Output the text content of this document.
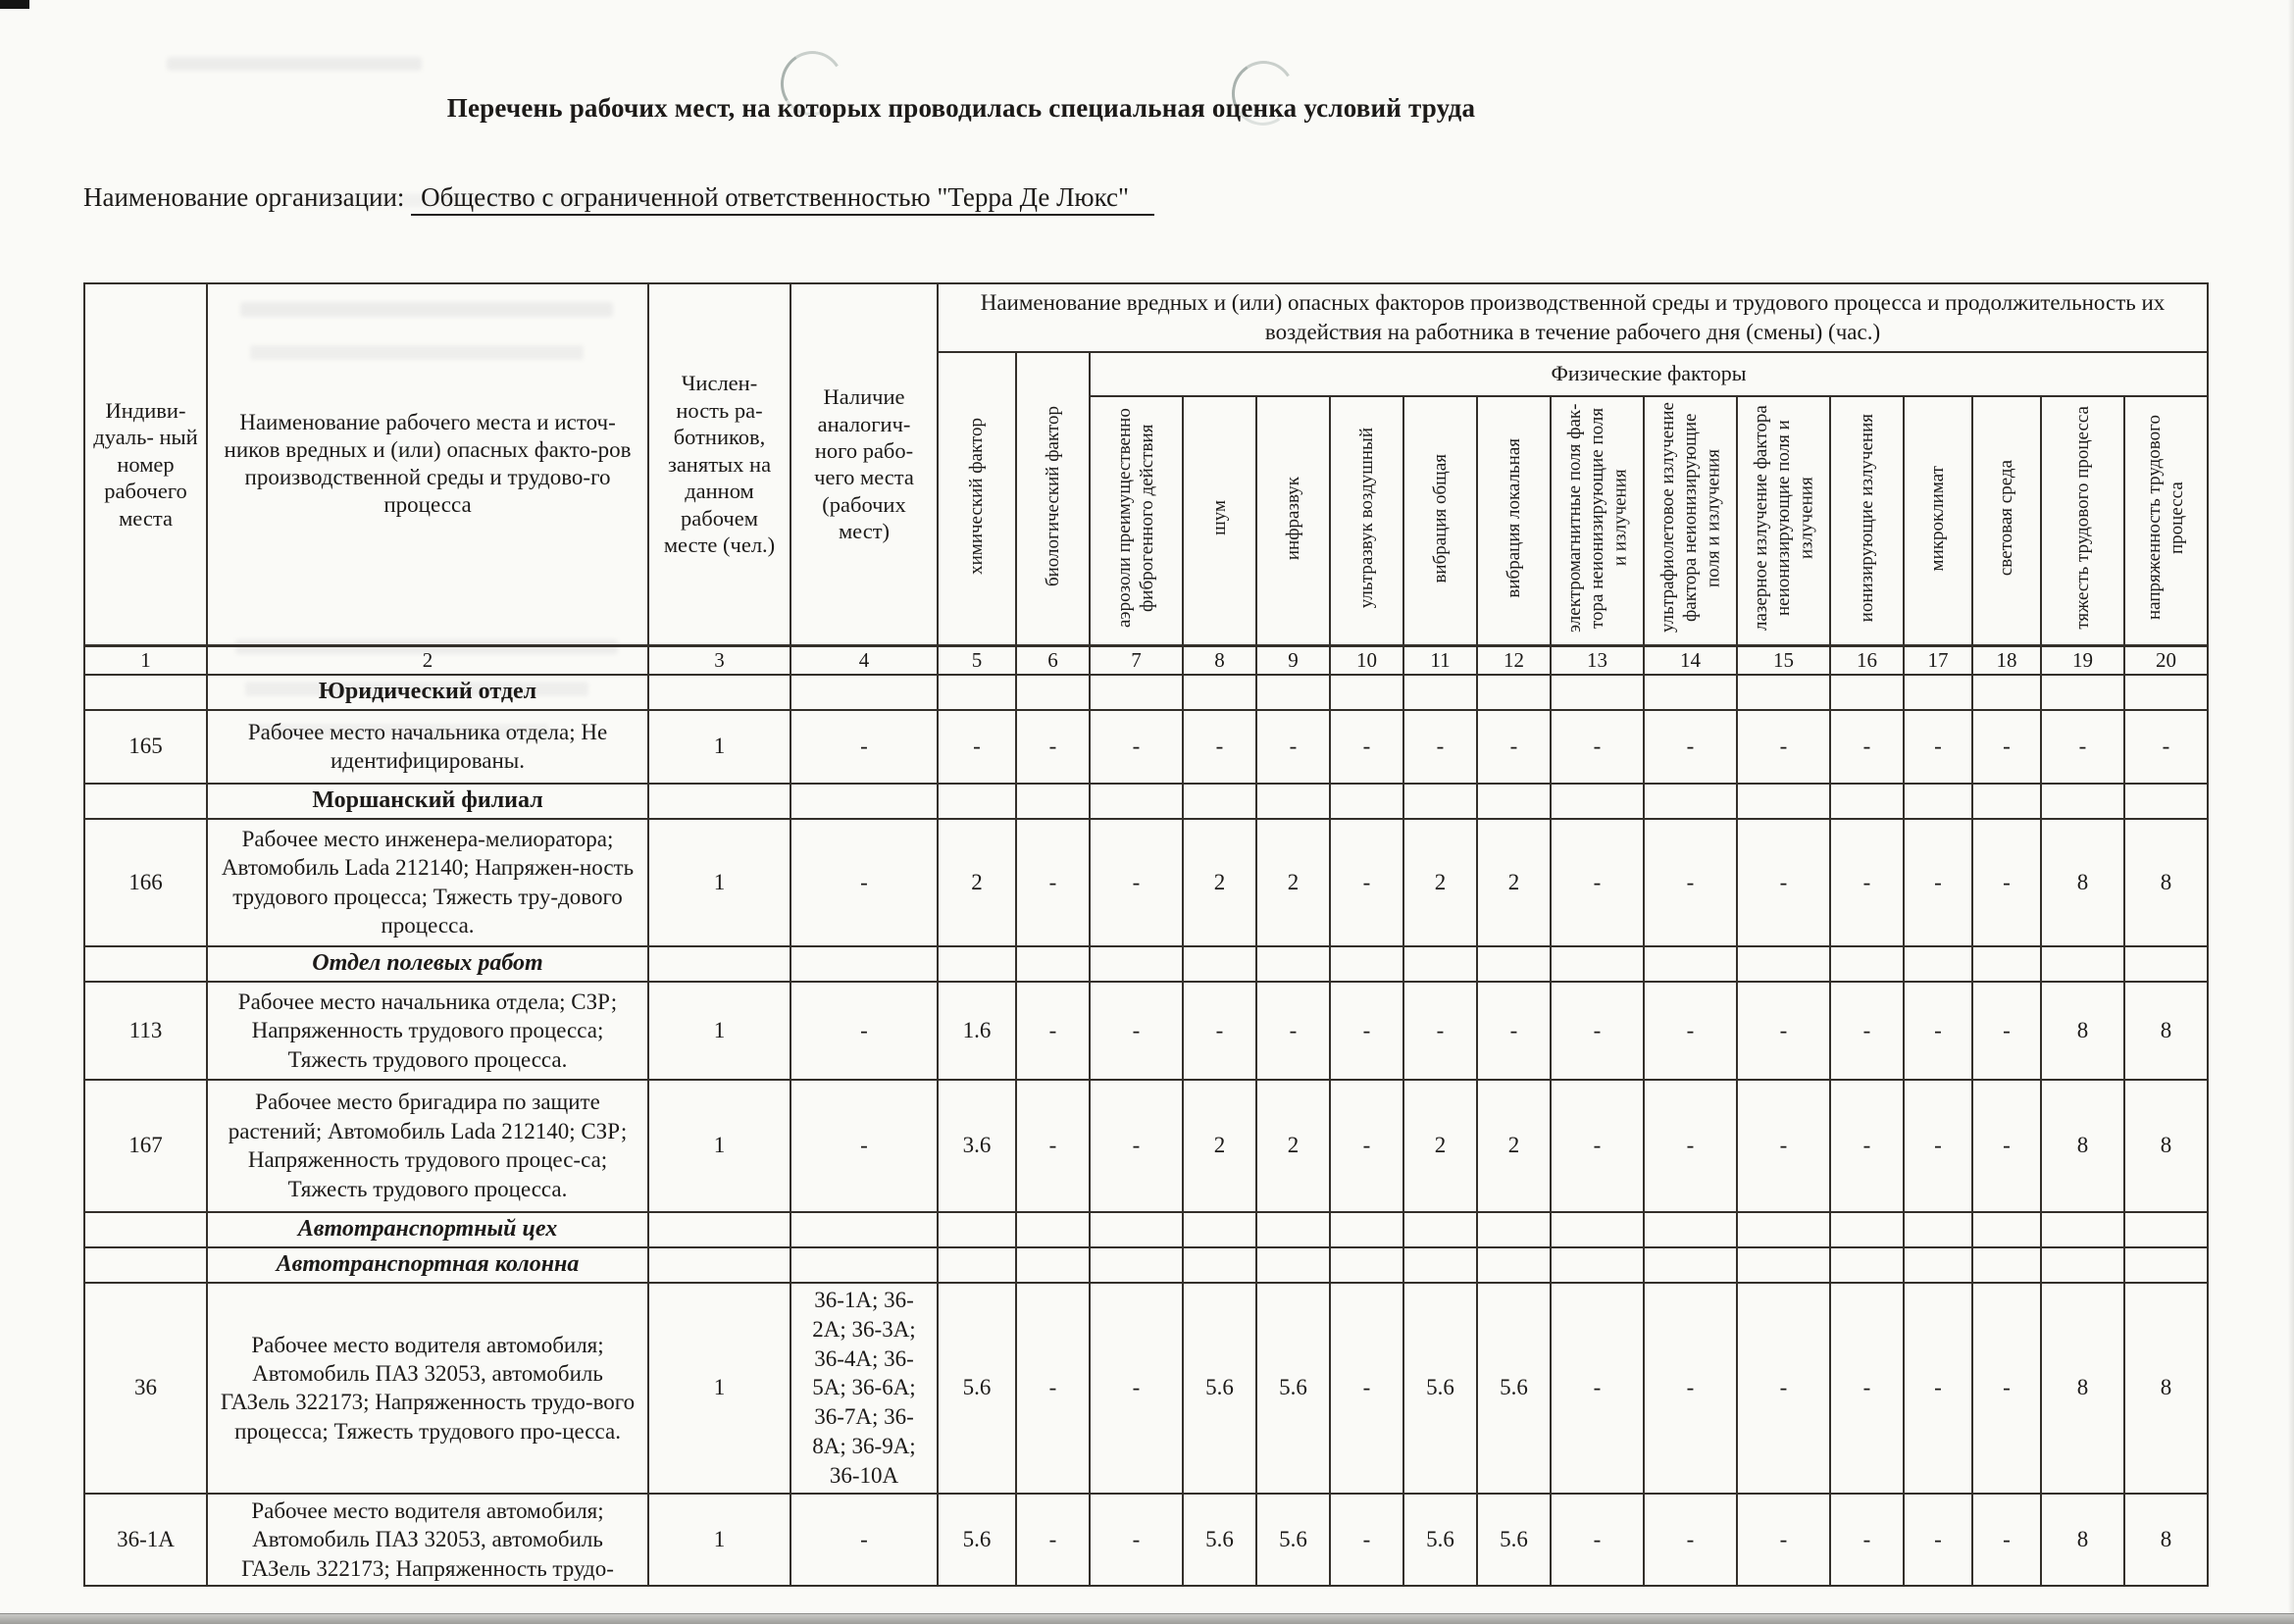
Перечень рабочих мест, на которых проводилась специальная оценка условий труда
Наименование организации: Общество с ограниченной ответственностью "Терра Де Люкс"
Индиви- дуаль- ный номер рабочего места	Наименование рабочего места и источ-ников вредных и (или) опасных факто-ров производственной среды и трудово-го процесса	Числен- ность ра- ботников, занятых на данном рабочем месте (чел.)	Наличие аналогич- ного рабо- чего места (рабочих мест)	Наименование вредных и (или) опасных факторов производственной среды и трудового процесса и продолжительность их воздействия на работника в течение рабочего дня (смены) (час.)															
				химический фактор	биологический фактор	Физические факторы													
						аэрозоли преимущественно фиброгенного действия	шум	инфразвук	ультразвук воздушный	вибрация общая	вибрация локальная	электромагнитные поля фак-тора неионизирующие поля и излучения	ультрафиолетовое излучение фактора неионизирующие поля и излучения	лазерное излучение фактора неионизирующие поля и излучения	ионизирующие излучения	микроклимат	световая среда	тяжесть трудового процесса	напряженность трудового процесса
1	2	3	4	5	6	7	8	9	10	11	12	13	14	15	16	17	18	19	20
	Юридический отдел																		
165	Рабочее место начальника отдела; Не идентифицированы.	1	-	-	-	-	-	-	-	-	-	-	-	-	-	-	-	-	-
	Моршанский филиал																		
166	Рабочее место инженера-мелиоратора; Автомобиль Lada 212140; Напряжен-ность трудового процесса; Тяжесть тру-дового процесса.	1	-	2	-	-	2	2	-	2	2	-	-	-	-	-	-	8	8
	Отдел полевых работ																		
113	Рабочее место начальника отдела; СЗР; Напряженность трудового процесса; Тяжесть трудового процесса.	1	-	1.6	-	-	-	-	-	-	-	-	-	-	-	-	-	8	8
167	Рабочее место бригадира по защите растений; Автомобиль Lada 212140; СЗР; Напряженность трудового процес-са; Тяжесть трудового процесса.	1	-	3.6	-	-	2	2	-	2	2	-	-	-	-	-	-	8	8
	Автотранспортный цех																		
	Автотранспортная колонна																		
36	Рабочее место водителя автомобиля; Автомобиль ПАЗ 32053, автомобиль ГАЗель 322173; Напряженность трудо-вого процесса; Тяжесть трудового про-цесса.	1	36-1А; 36-2А; 36-3А; 36-4А; 36-5А; 36-6А; 36-7А; 36-8А; 36-9А; 36-10А	5.6	-	-	5.6	5.6	-	5.6	5.6	-	-	-	-	-	-	8	8
36-1А	Рабочее место водителя автомобиля; Автомобиль ПАЗ 32053, автомобиль ГАЗель 322173; Напряженность трудо-	1	-	5.6	-	-	5.6	5.6	-	5.6	5.6	-	-	-	-	-	-	8	8
